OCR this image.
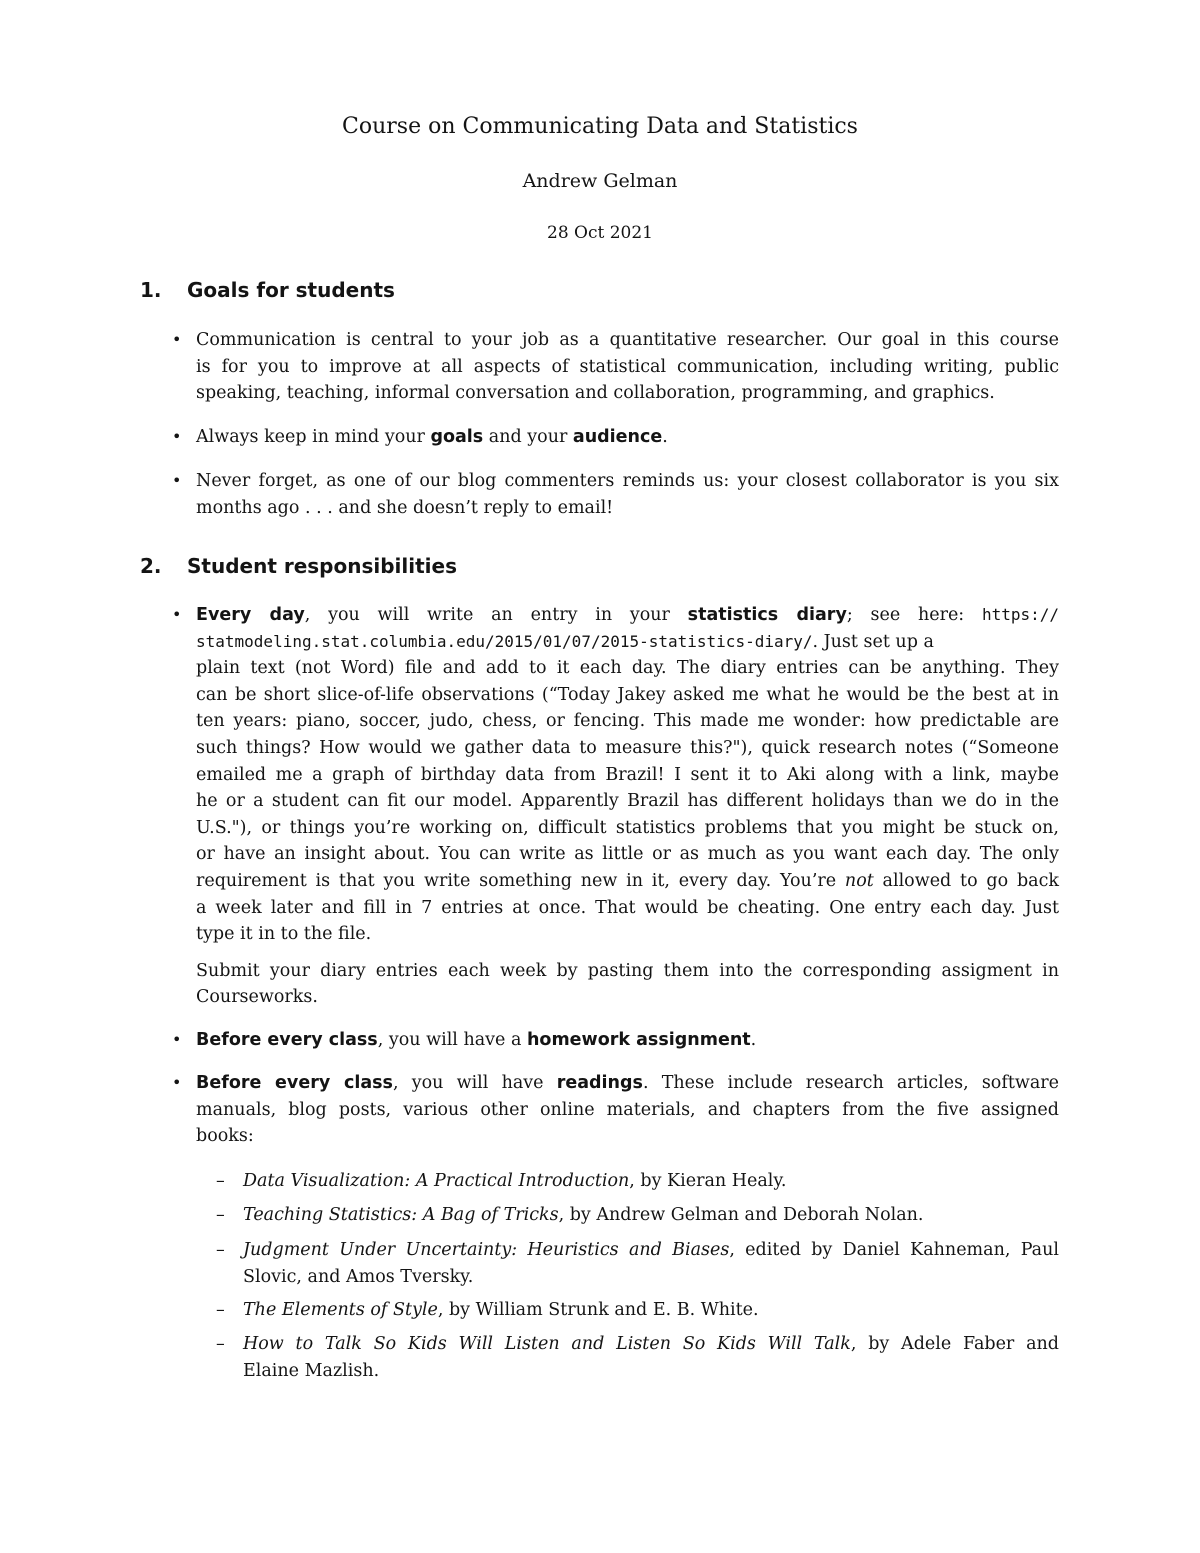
Course on Communicating Data and Statistics
Andrew Gelman
28 Oct 2021
1. Goals for students
• Communication is central to your job as a quantitative researcher. Our goal in this course
is for you to improve at all aspects of statistical communication, including writing, public
speaking, teaching, informal conversation and collaboration, programming, and graphics.
• Always keep in mind your goals and your audience.
• Never forget, as one of our blog commenters reminds us: your closest collaborator is you six
months ago . . . and she doesn’t reply to email!
2. Student responsibilities
• Every day, you will write an entry in your statistics diary; see here: https://
statmodeling.stat.columbia.edu/2015/01/07/2015-statistics-diary/. Just set up a
plain text (not Word) file and add to it each day. The diary entries can be anything. They
can be short slice-of-life observations (“Today Jakey asked me what he would be the best at in
ten years: piano, soccer, judo, chess, or fencing. This made me wonder: how predictable are
such things? How would we gather data to measure this?"), quick research notes (“Someone
emailed me a graph of birthday data from Brazil! I sent it to Aki along with a link, maybe
he or a student can fit our model. Apparently Brazil has different holidays than we do in the
U.S."), or things you’re working on, difficult statistics problems that you might be stuck on,
or have an insight about. You can write as little or as much as you want each day. The only
requirement is that you write something new in it, every day. You’re not allowed to go back
a week later and fill in 7 entries at once. That would be cheating. One entry each day. Just
type it in to the file.
Submit your diary entries each week by pasting them into the corresponding assigment in
Courseworks.
• Before every class, you will have a homework assignment.
• Before every class, you will have readings. These include research articles, software
manuals, blog posts, various other online materials, and chapters from the five assigned
books:
– Data Visualization: A Practical Introduction, by Kieran Healy.
– Teaching Statistics: A Bag of Tricks, by Andrew Gelman and Deborah Nolan.
– Judgment Under Uncertainty: Heuristics and Biases, edited by Daniel Kahneman, Paul
Slovic, and Amos Tversky.
– The Elements of Style, by William Strunk and E. B. White.
– How to Talk So Kids Will Listen and Listen So Kids Will Talk, by Adele Faber and
Elaine Mazlish.
